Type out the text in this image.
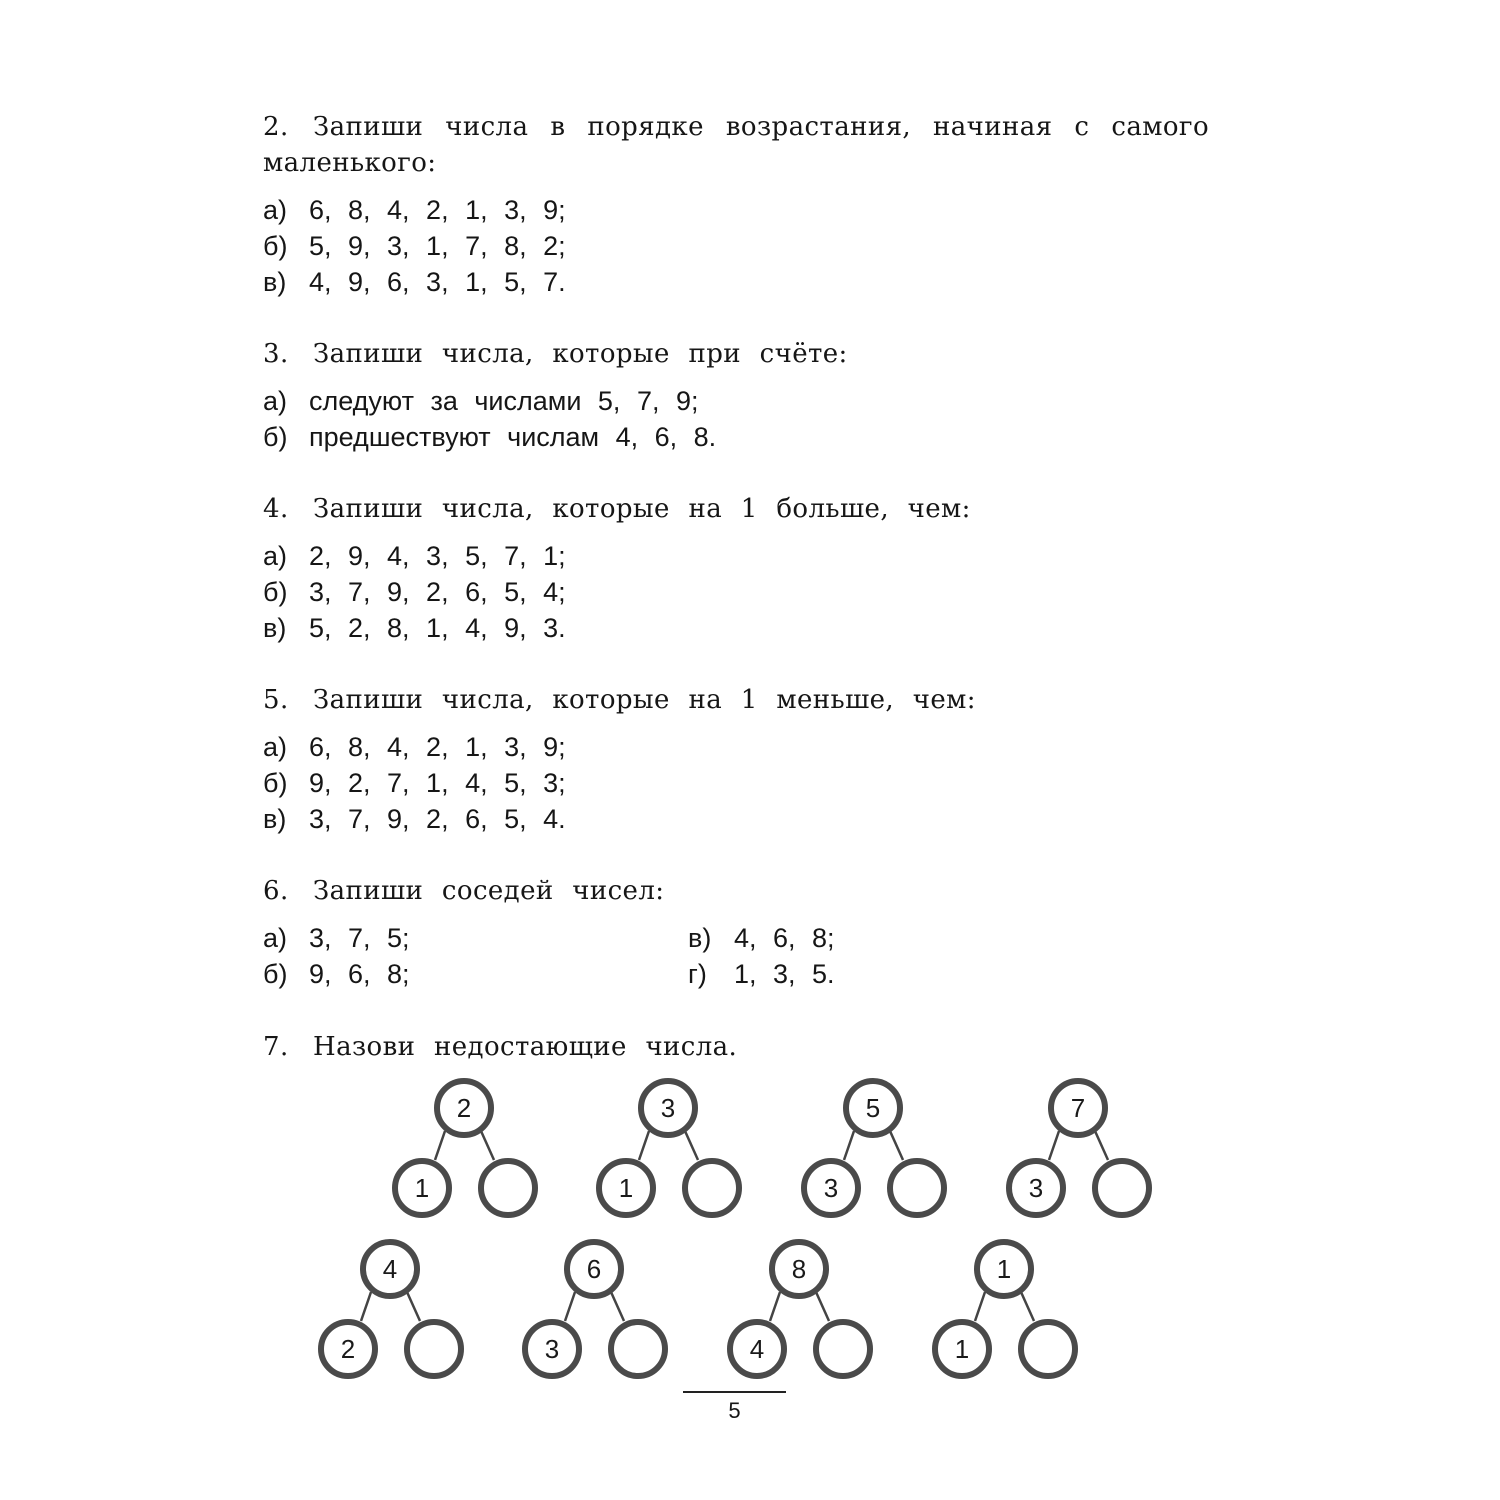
2. Запиши числа в порядке возрастания, начиная с самого маленького:
а) 6, 8, 4, 2, 1, 3, 9;
б) 5, 9, 3, 1, 7, 8, 2;
в) 4, 9, 6, 3, 1, 5, 7.
3. Запиши числа, которые при счёте:
а) следуют за числами 5, 7, 9;
б) предшествуют числам 4, 6, 8.
4. Запиши числа, которые на 1 больше, чем:
а) 2, 9, 4, 3, 5, 7, 1;
б) 3, 7, 9, 2, 6, 5, 4;
в) 5, 2, 8, 1, 4, 9, 3.
5. Запиши числа, которые на 1 меньше, чем:
а) 6, 8, 4, 2, 1, 3, 9;
б) 9, 2, 7, 1, 4, 5, 3;
в) 3, 7, 9, 2, 6, 5, 4.
6. Запиши соседей чисел:
а) 3, 7, 5;
б) 9, 6, 8;
в) 4, 6, 8;
г) 1, 3, 5.
7. Назови недостающие числа.
2
1
3
1
5
3
7
3
4
2
6
3
8
4
1
1
5
